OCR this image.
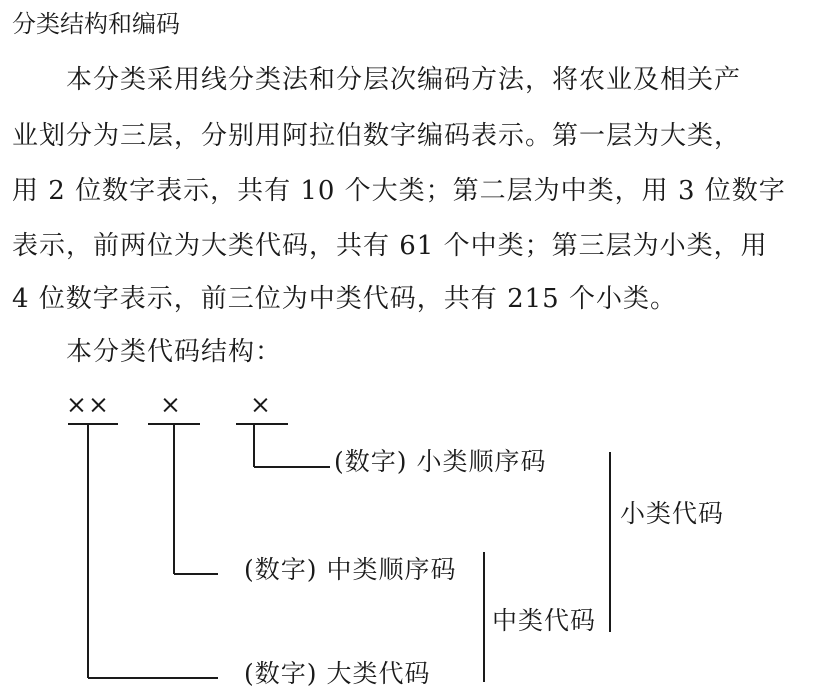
分类结构和编码

　　本分类采用线分类法和分层次编码方法，将农业及相关产

业划分为三层，分别用阿拉伯数字编码表示。第一层为大类，

用 2 位数字表示，共有 10 个大类；第二层为中类，用 3 位数字

表示，前两位为大类代码，共有 61 个中类；第三层为小类，用

4 位数字表示，前三位为中类代码，共有 215 个小类。

　　本分类代码结构：
×× ×	×
(数字) 小类顺序码
(数字) 中类顺序码
(数字) 大类代码
小类代码
中类代码
